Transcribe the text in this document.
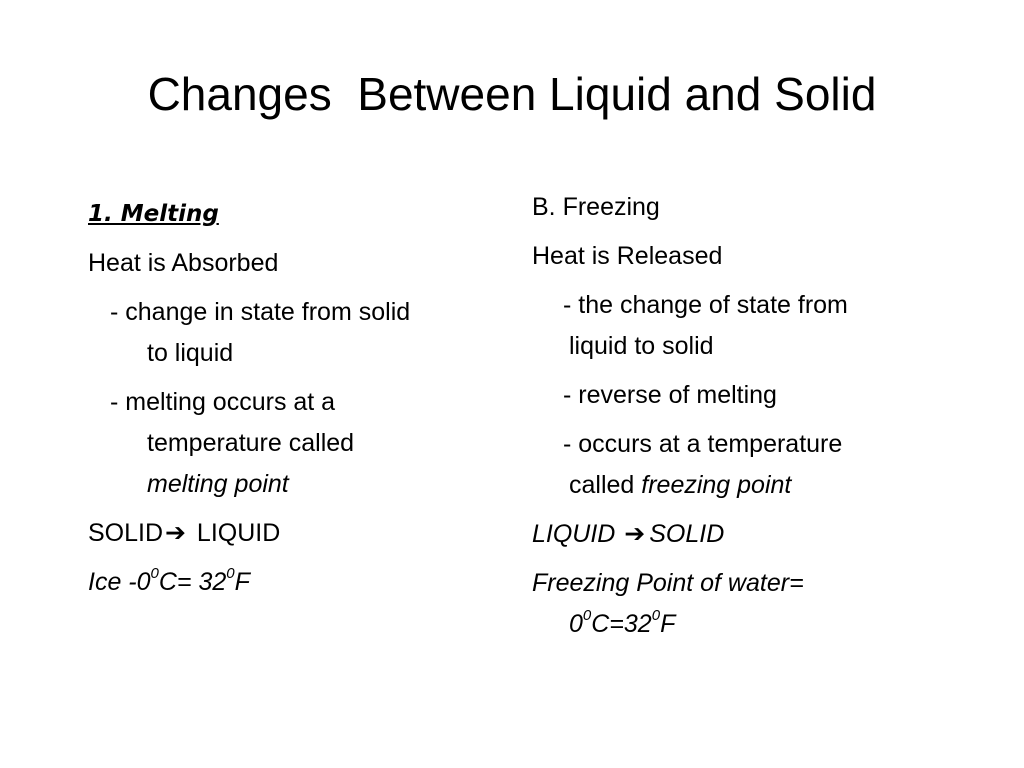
Changes  Between Liquid and Solid
1. Melting
Heat is Absorbed
- change in state from solid
to liquid
- melting occurs at a
temperature called
melting point
SOLID➔ LIQUID
Ice $-0^0C= 32^0F$
B. Freezing
Heat is Released
- the change of state from
liquid to solid
- reverse of melting
- occurs at a temperature
called freezing point
LIQUID ➔ SOLID
Freezing Point of water=
$0^0C=32^0F$
